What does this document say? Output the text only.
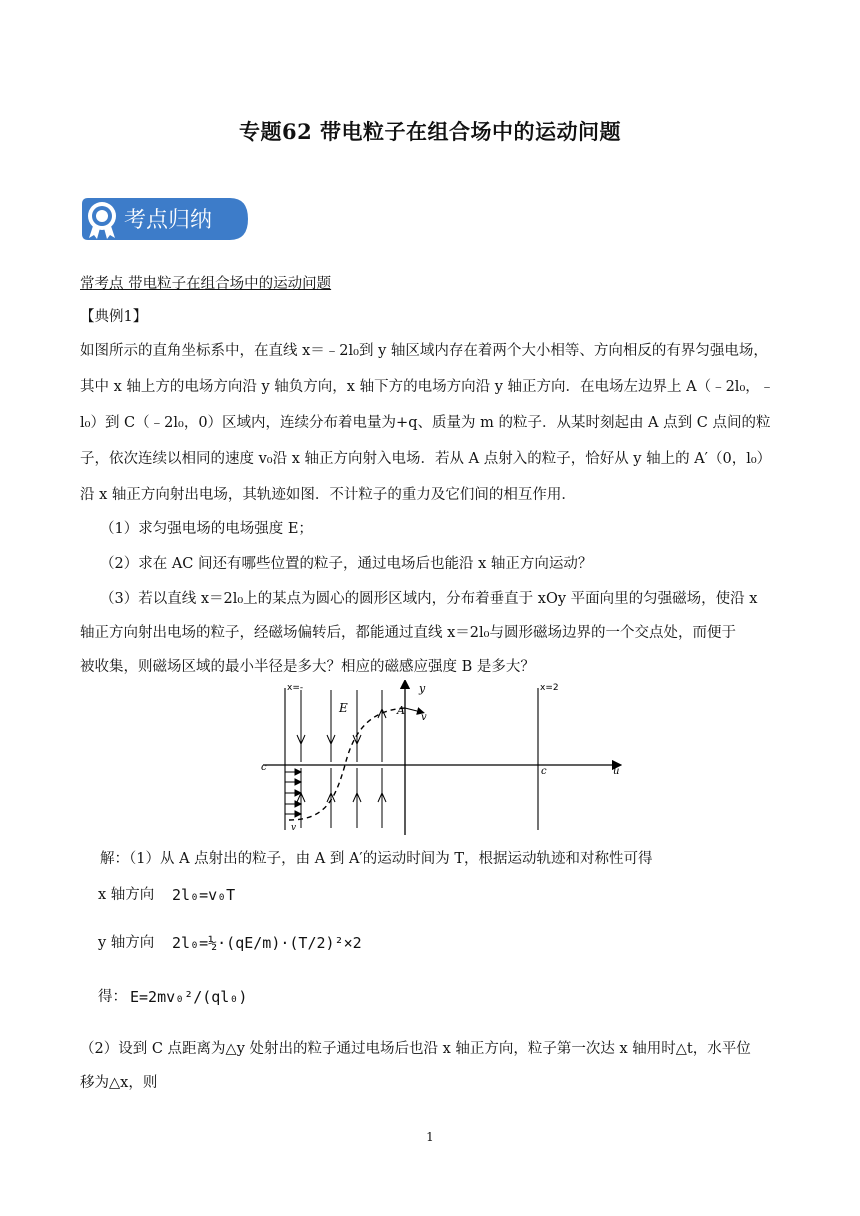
专题62 带电粒子在组合场中的运动问题
考点归纳
常考点 带电粒子在组合场中的运动问题
【典例1】
如图所示的直角坐标系中，在直线 x＝﹣2l₀到 y 轴区域内存在着两个大小相等、方向相反的有界匀强电场，
其中 x 轴上方的电场方向沿 y 轴负方向，x 轴下方的电场方向沿 y 轴正方向．在电场左边界上 A（﹣2l₀，﹣
l₀）到 C（﹣2l₀，0）区域内，连续分布着电量为+q、质量为 m 的粒子．从某时刻起由 A 点到 C 点间的粒
子，依次连续以相同的速度 v₀沿 x 轴正方向射入电场．若从 A 点射入的粒子，恰好从 y 轴上的 A′（0，l₀）
沿 x 轴正方向射出电场，其轨迹如图．不计粒子的重力及它们间的相互作用．
（1）求匀强电场的电场强度 E；
（2）求在 AC 间还有哪些位置的粒子，通过电场后也能沿 x 轴正方向运动？
（3）若以直线 x＝2l₀上的某点为圆心的圆形区域内，分布着垂直于 xOy 平面向里的匀强磁场，使沿 x
轴正方向射出电场的粒子，经磁场偏转后，都能通过直线 x＝2l₀与圆形磁场边界的一个交点处，而便于
被收集，则磁场区域的最小半径是多大？相应的磁感应强度 B 是多大？
x=-	x=2
E
y
v
A
c	c	u
v
解：（1）从 A 点射出的粒子，由 A 到 A′的运动时间为 T，根据运动轨迹和对称性可得
x 轴方向 2l₀=v₀T
y 轴方向 2l₀=½·(qE/m)·(T/2)²×2
得： E=2mv₀²/(ql₀)
（2）设到 C 点距离为△y 处射出的粒子通过电场后也沿 x 轴正方向，粒子第一次达 x 轴用时△t，水平位
移为△x，则
1
